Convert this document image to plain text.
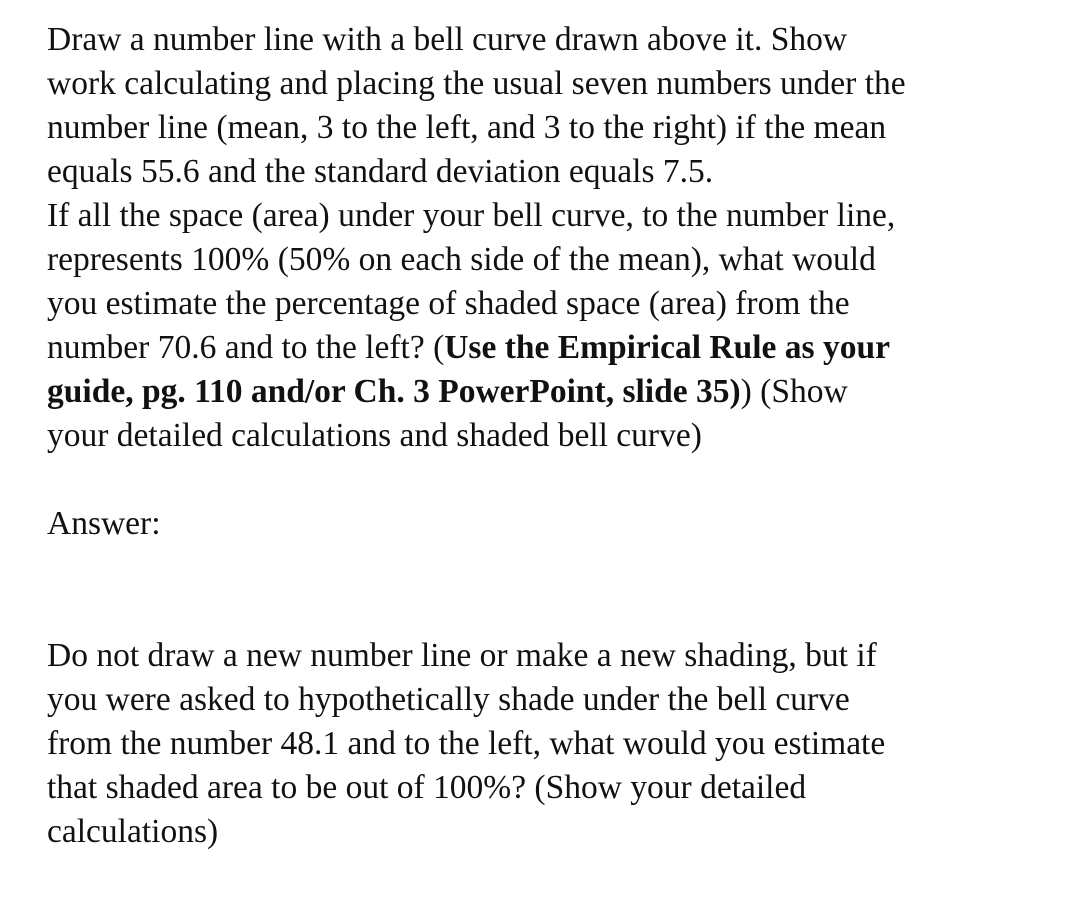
Draw a number line with a bell curve drawn above it. Show
work calculating and placing the usual seven numbers under the
number line (mean, 3 to the left, and 3 to the right) if the mean
equals 55.6 and the standard deviation equals 7.5.
If all the space (area) under your bell curve, to the number line,
represents 100% (50% on each side of the mean), what would
you estimate the percentage of shaded space (area) from the
number 70.6 and to the left? (Use the Empirical Rule as your
guide, pg. 110 and/or Ch. 3 PowerPoint, slide 35)) (Show
your detailed calculations and shaded bell curve)

Answer:

Do not draw a new number line or make a new shading, but if
you were asked to hypothetically shade under the bell curve
from the number 48.1 and to the left, what would you estimate
that shaded area to be out of 100%? (Show your detailed
calculations)
